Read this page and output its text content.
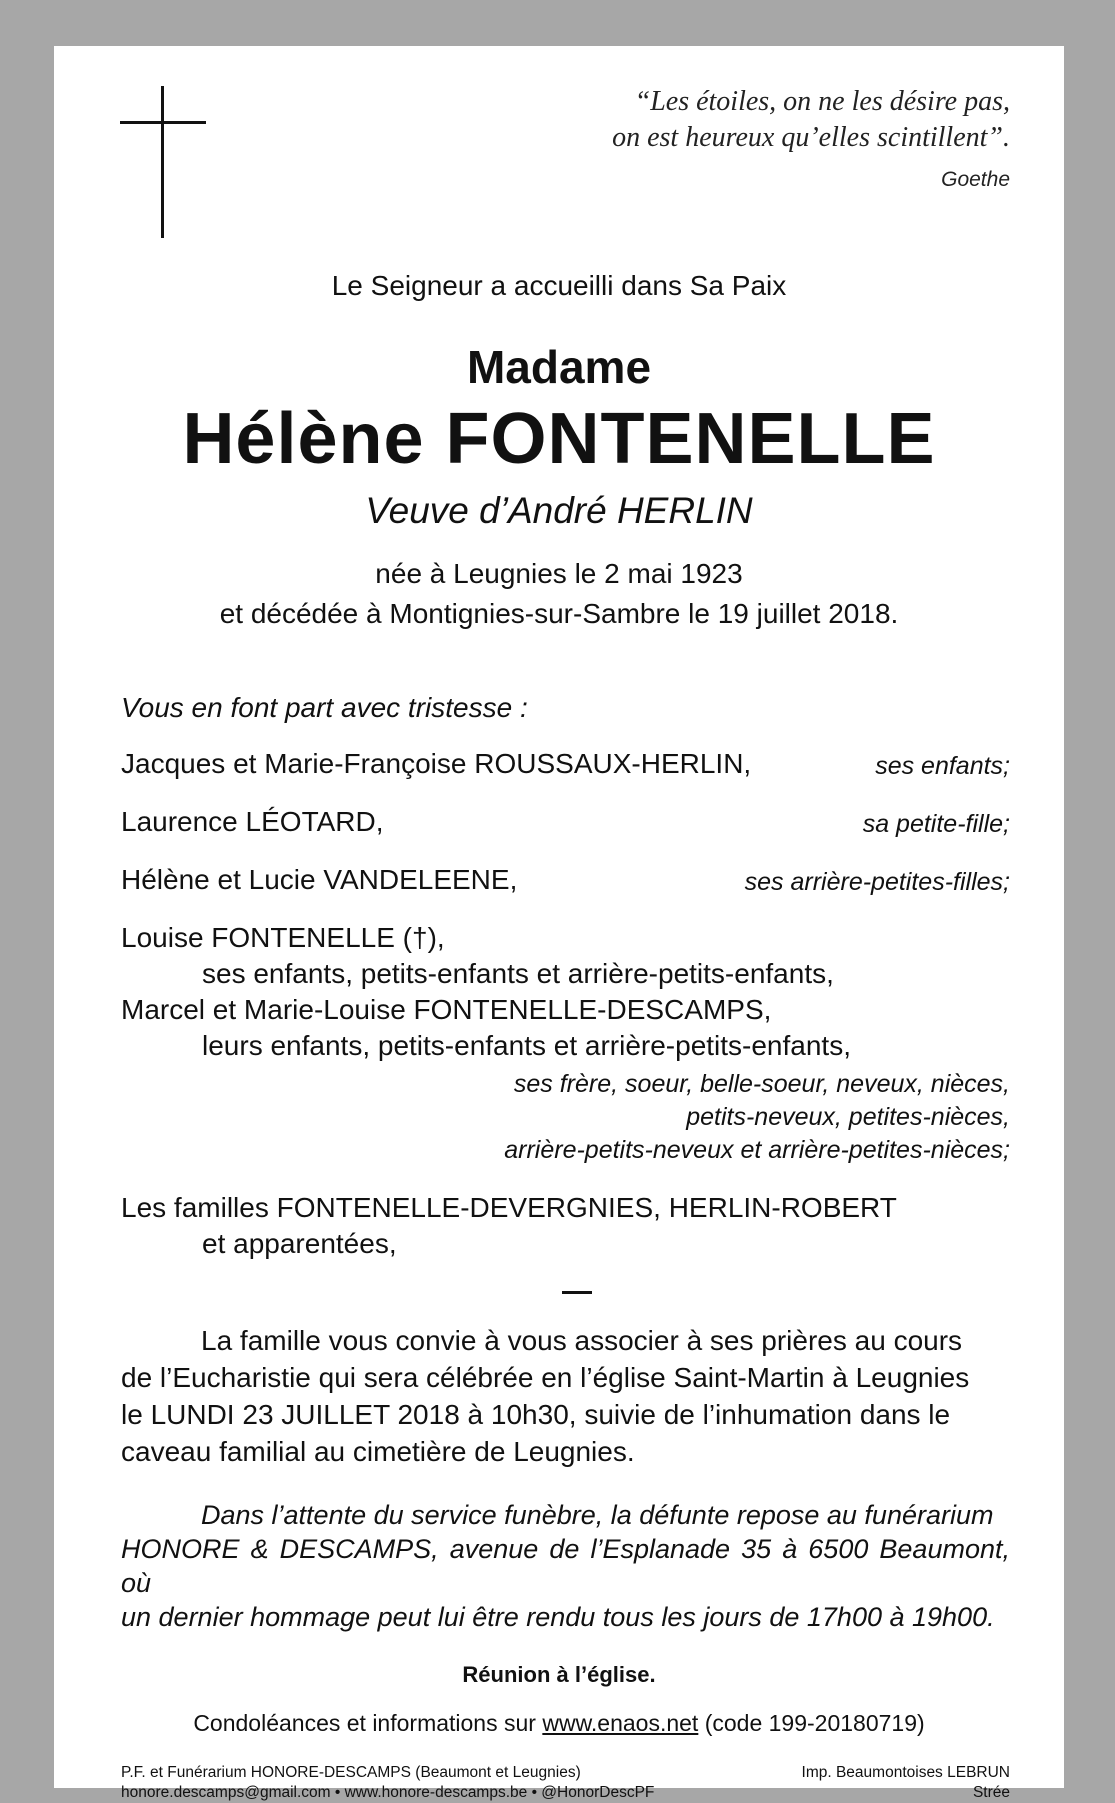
“Les étoiles, on ne les désire pas,
on est heureux qu’elles scintillent”.
Goethe
Le Seigneur a accueilli dans Sa Paix
Madame
Hélène FONTENELLE
Veuve d’André HERLIN
née à Leugnies le 2 mai 1923
et décédée à Montignies-sur-Sambre le 19 juillet 2018.
Vous en font part avec tristesse :
Jacques et Marie-Françoise ROUSSAUX-HERLIN,	ses enfants;
Laurence LÉOTARD,	sa petite-fille;
Hélène et Lucie VANDELEENE,	ses arrière-petites-filles;
Louise FONTENELLE (†),
ses enfants, petits-enfants et arrière-petits-enfants,
Marcel et Marie-Louise FONTENELLE-DESCAMPS,
leurs enfants, petits-enfants et arrière-petits-enfants,
ses frère, soeur, belle-soeur, neveux, nièces,
petits-neveux, petites-nièces,
arrière-petits-neveux et arrière-petites-nièces;
Les familles FONTENELLE-DEVERGNIES, HERLIN-ROBERT
et apparentées,
La famille vous convie à vous associer à ses prières au cours
de l’Eucharistie qui sera célébrée en l’église Saint-Martin à Leugnies
le LUNDI 23 JUILLET 2018 à 10h30, suivie de l’inhumation dans le
caveau familial au cimetière de Leugnies.
Dans l’attente du service funèbre, la défunte repose au funérarium
HONORE & DESCAMPS, avenue de l’Esplanade 35 à 6500 Beaumont, où
un dernier hommage peut lui être rendu tous les jours de 17h00 à 19h00.
Réunion à l’église.
Condoléances et informations sur www.enaos.net (code 199-20180719)
P.F. et Funérarium HONORE-DESCAMPS (Beaumont et Leugnies)
honore.descamps@gmail.com • www.honore-descamps.be • @HonorDescPF
Imp. Beaumontoises LEBRUN
Strée
